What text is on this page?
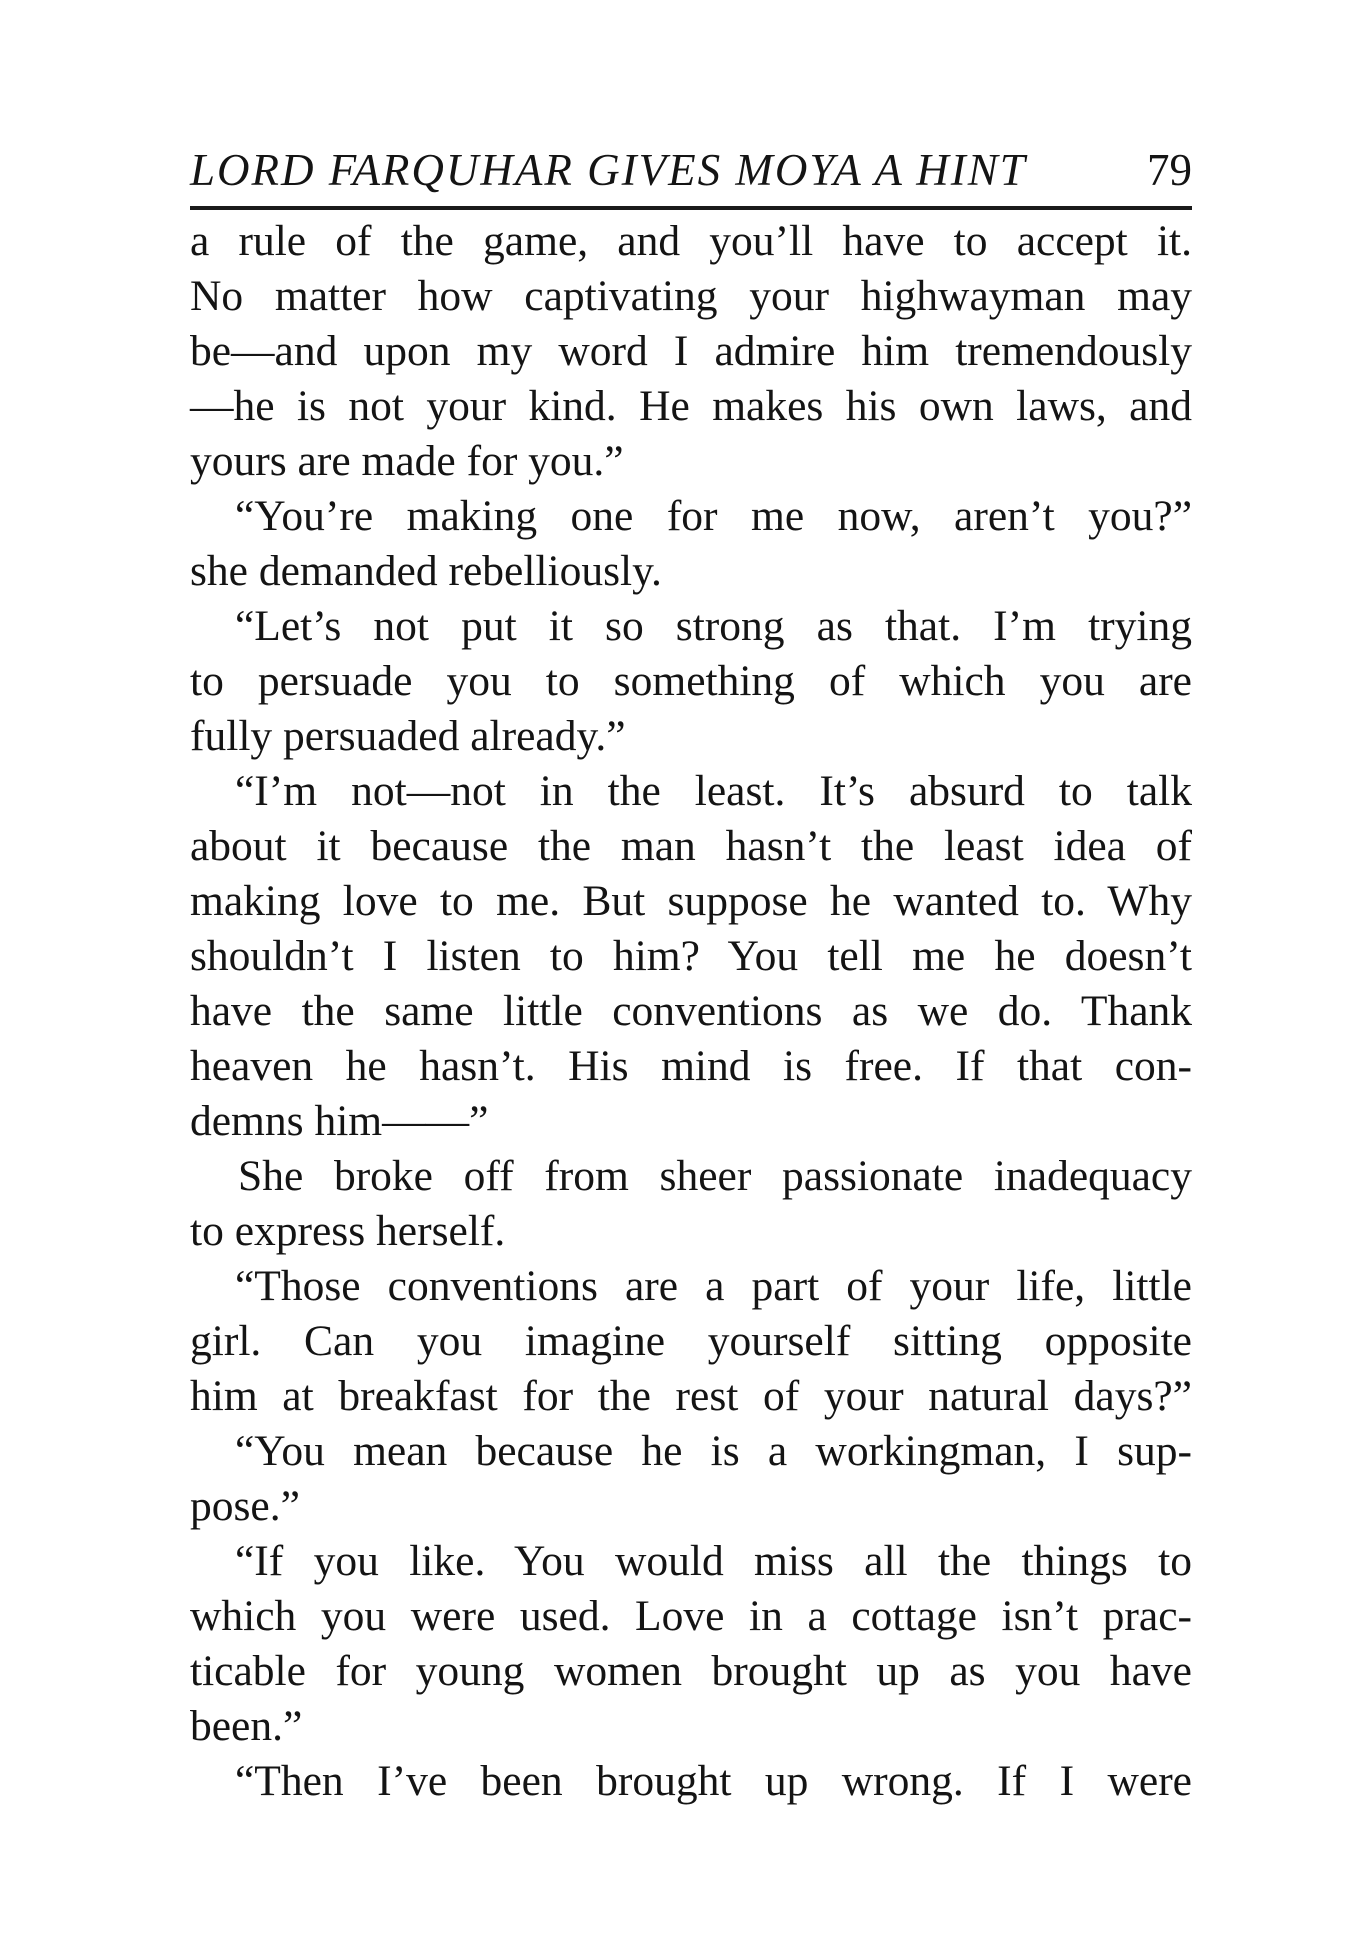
LORD FARQUHAR GIVES MOYA A HINT	79
a rule of the game, and you’ll have to accept it.
No matter how captivating your highwayman may
be—and upon my word I admire him tremendously
—he is not your kind. He makes his own laws, and
yours are made for you.”
“You’re making one for me now, aren’t you?”
she demanded rebelliously.
“Let’s not put it so strong as that. I’m trying
to persuade you to something of which you are
fully persuaded already.”
“I’m not—not in the least. It’s absurd to talk
about it because the man hasn’t the least idea of
making love to me. But suppose he wanted to. Why
shouldn’t I listen to him? You tell me he doesn’t
have the same little conventions as we do. Thank
heaven he hasn’t. His mind is free. If that con-
demns him——”
She broke off from sheer passionate inadequacy
to express herself.
“Those conventions are a part of your life, little
girl. Can you imagine yourself sitting opposite
him at breakfast for the rest of your natural days?”
“You mean because he is a workingman, I sup-
pose.”
“If you like. You would miss all the things to
which you were used. Love in a cottage isn’t prac-
ticable for young women brought up as you have
been.”
“Then I’ve been brought up wrong. If I were
